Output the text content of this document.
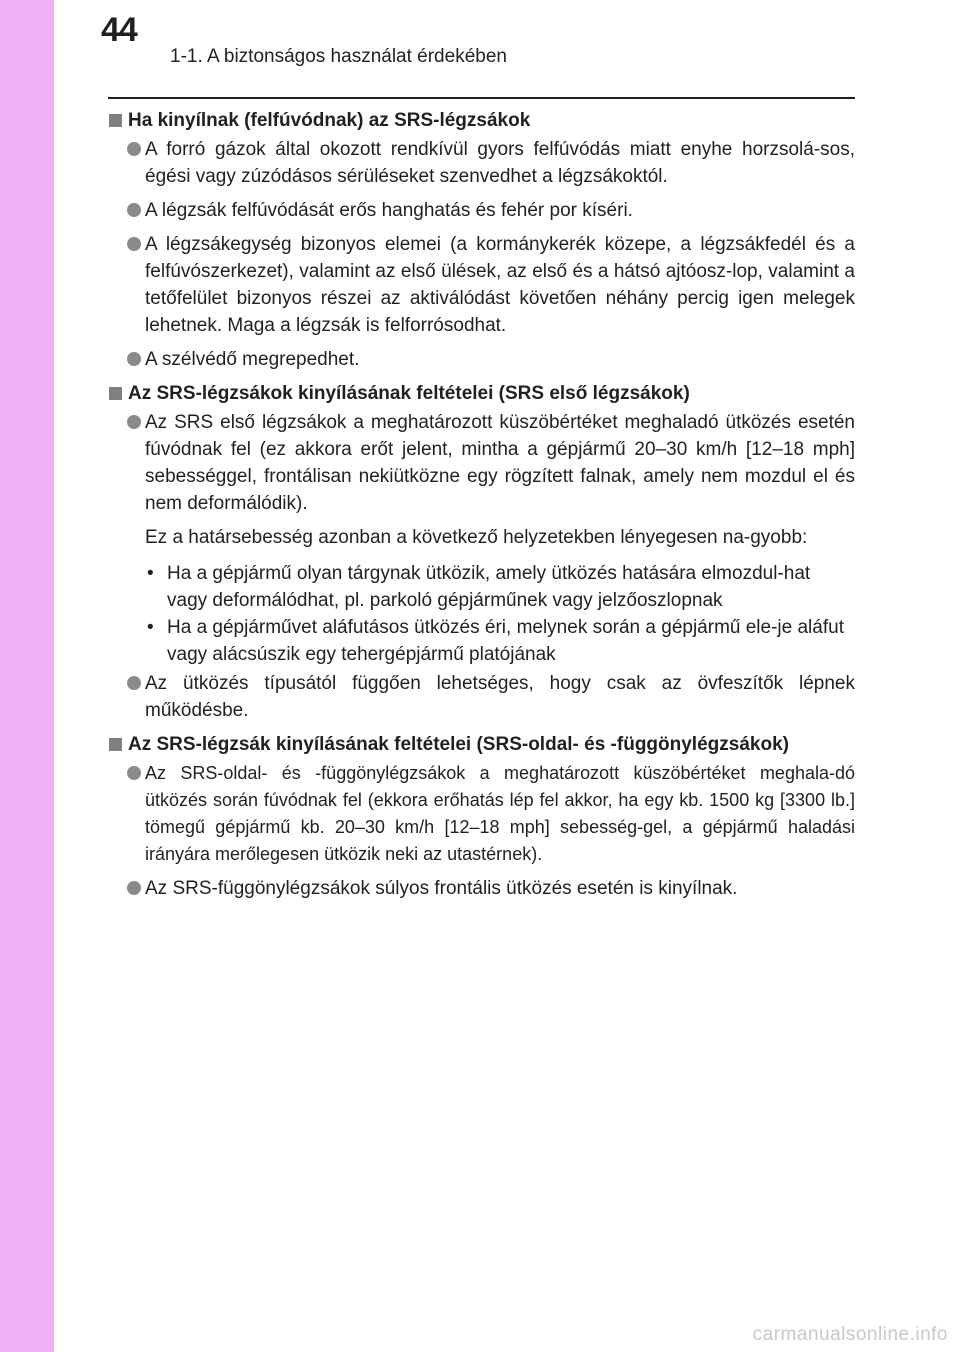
44
1-1. A biztonságos használat érdekében
Ha kinyílnak (felfúvódnak) az SRS-légzsákok
A forró gázok által okozott rendkívül gyors felfúvódás miatt enyhe horzsolá-sos, égési vagy zúzódásos sérüléseket szenvedhet a légzsákoktól.
A légzsák felfúvódását erős hanghatás és fehér por kíséri.
A légzsákegység bizonyos elemei (a kormánykerék közepe, a légzsákfedél és a felfúvószerkezet), valamint az első ülések, az első és a hátsó ajtóosz-lop, valamint a tetőfelület bizonyos részei az aktiválódást követően néhány percig igen melegek lehetnek. Maga a légzsák is felforrósodhat.
A szélvédő megrepedhet.
Az SRS-légzsákok kinyílásának feltételei (SRS első légzsákok)
Az SRS első légzsákok a meghatározott küszöbértéket meghaladó ütközés esetén fúvódnak fel (ez akkora erőt jelent, mintha a gépjármű 20–30 km/h [12–18 mph] sebességgel, frontálisan nekiütközne egy rögzített falnak, amely nem mozdul el és nem deformálódik).
Ez a határsebesség azonban a következő helyzetekben lényegesen na-gyobb:
• Ha a gépjármű olyan tárgynak ütközik, amely ütközés hatására elmozdul-hat vagy deformálódhat, pl. parkoló gépjárműnek vagy jelzőoszlopnak
• Ha a gépjárművet aláfutásos ütközés éri, melynek során a gépjármű ele-je aláfut vagy alácsúszik egy tehergépjármű platójának
Az ütközés típusától függően lehetséges, hogy csak az övfeszítők lépnek működésbe.
Az SRS-légzsák kinyílásának feltételei (SRS-oldal- és -függönylégzsákok)
Az SRS-oldal- és -függönylégzsákok a meghatározott küszöbértéket meghala-dó ütközés során fúvódnak fel (ekkora erőhatás lép fel akkor, ha egy kb. 1500 kg [3300 lb.] tömegű gépjármű kb. 20–30 km/h [12–18 mph] sebesség-gel, a gépjármű haladási irányára merőlegesen ütközik neki az utastérnek).
Az SRS-függönylégzsákok súlyos frontális ütközés esetén is kinyílnak.
carmanualsonline.info
